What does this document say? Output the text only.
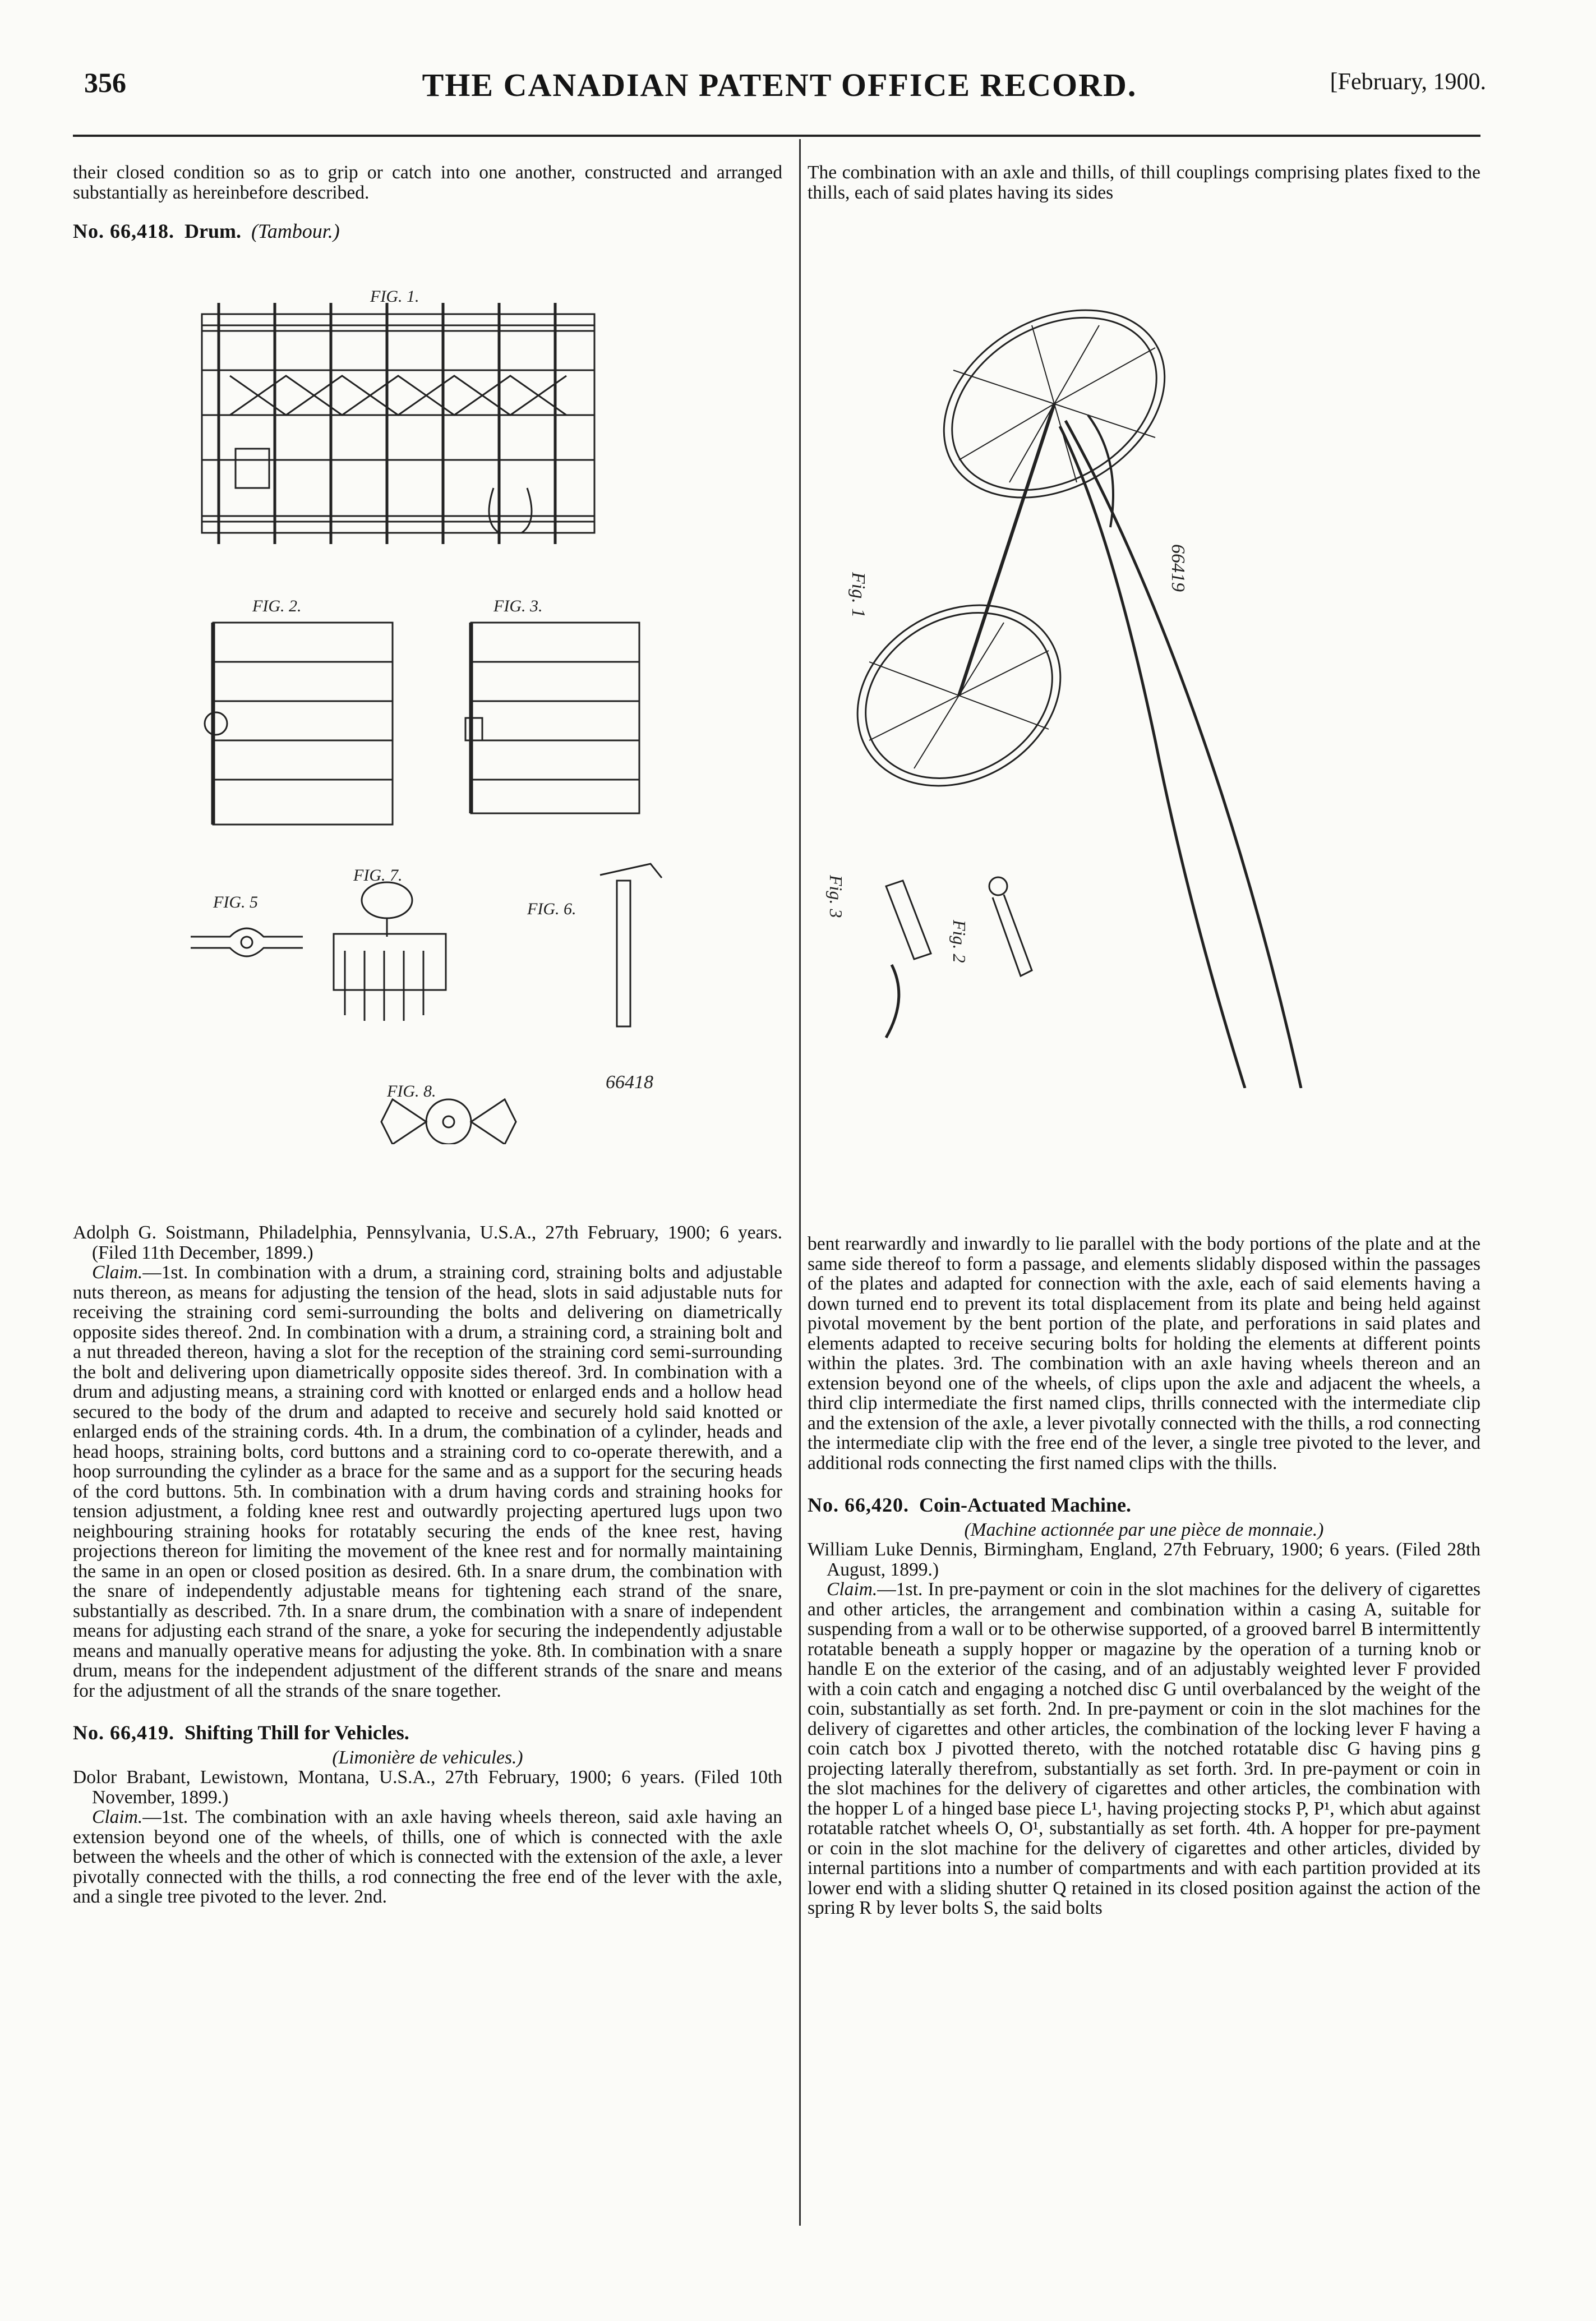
356	THE CANADIAN PATENT OFFICE RECORD.	[February, 1900.

their closed condition so as to grip or catch into one another, constructed and arranged substantially as hereinbefore described.

No. 66,418. Drum. (Tambour.)
FIG. 1.
FIG. 2.	FIG. 3.
FIG. 5
FIG. 7.
FIG. 6.
66418
FIG. 8.

Adolph G. Soistmann, Philadelphia, Pennsylvania, U.S.A., 27th February, 1900; 6 years. (Filed 11th December, 1899.)

Claim.—1st. In combination with a drum, a straining cord, straining bolts and adjustable nuts thereon, as means for adjusting the tension of the head, slots in said adjustable nuts for receiving the straining cord semi-surrounding the bolts and delivering on diametrically opposite sides thereof. 2nd. In combination with a drum, a straining cord, a straining bolt and a nut threaded thereon, having a slot for the reception of the straining cord semi-surrounding the bolt and delivering upon diametrically opposite sides thereof. 3rd. In combination with a drum and adjusting means, a straining cord with knotted or enlarged ends and a hollow head secured to the body of the drum and adapted to receive and securely hold said knotted or enlarged ends of the straining cords. 4th. In a drum, the combination of a cylinder, heads and head hoops, straining bolts, cord buttons and a straining cord to co-operate therewith, and a hoop surrounding the cylinder as a brace for the same and as a support for the securing heads of the cord buttons. 5th. In combination with a drum having cords and straining hooks for tension adjustment, a folding knee rest and outwardly projecting apertured lugs upon two neighbouring straining hooks for rotatably securing the ends of the knee rest, having projections thereon for limiting the movement of the knee rest and for normally maintaining the same in an open or closed position as desired. 6th. In a snare drum, the combination with the snare of independently adjustable means for tightening each strand of the snare, substantially as described. 7th. In a snare drum, the combination with a snare of independent means for adjusting each strand of the snare, a yoke for securing the independently adjustable means and manually operative means for adjusting the yoke. 8th. In combination with a snare drum, means for the independent adjustment of the different strands of the snare and means for the adjustment of all the strands of the snare together.

No. 66,419. Shifting Thill for Vehicles.

(Limonière de vehicules.)

Dolor Brabant, Lewistown, Montana, U.S.A., 27th February, 1900; 6 years. (Filed 10th November, 1899.)

Claim.—1st. The combination with an axle having wheels thereon, said axle having an extension beyond one of the wheels, of thills, one of which is connected with the axle between the wheels and the other of which is connected with the extension of the axle, a lever pivotally connected with the thills, a rod connecting the free end of the lever with the axle, and a single tree pivoted to the lever. 2nd.

The combination with an axle and thills, of thill couplings comprising plates fixed to the thills, each of said plates having its sides

Fig. 1
66419
Fig. 3
Fig. 2

bent rearwardly and inwardly to lie parallel with the body portions of the plate and at the same side thereof to form a passage, and elements slidably disposed within the passages of the plates and adapted for connection with the axle, each of said elements having a down turned end to prevent its total displacement from its plate and being held against pivotal movement by the bent portion of the plate, and perforations in said plates and elements adapted to receive securing bolts for holding the elements at different points within the plates. 3rd. The combination with an axle having wheels thereon and an extension beyond one of the wheels, of clips upon the axle and adjacent the wheels, a third clip intermediate the first named clips, thrills connected with the intermediate clip and the extension of the axle, a lever pivotally connected with the thills, a rod connecting the intermediate clip with the free end of the lever, a single tree pivoted to the lever, and additional rods connecting the first named clips with the thills.

No. 66,420. Coin-Actuated Machine.

(Machine actionnée par une pièce de monnaie.)

William Luke Dennis, Birmingham, England, 27th February, 1900; 6 years. (Filed 28th August, 1899.)

Claim.—1st. In pre-payment or coin in the slot machines for the delivery of cigarettes and other articles, the arrangement and combination within a casing A, suitable for suspending from a wall or to be otherwise supported, of a grooved barrel B intermittently rotatable beneath a supply hopper or magazine by the operation of a turning knob or handle E on the exterior of the casing, and of an adjustably weighted lever F provided with a coin catch and engaging a notched disc G until overbalanced by the weight of the coin, substantially as set forth. 2nd. In pre-payment or coin in the slot machines for the delivery of cigarettes and other articles, the combination of the locking lever F having a coin catch box J pivotted thereto, with the notched rotatable disc G having pins g projecting laterally therefrom, substantially as set forth. 3rd. In pre-payment or coin in the slot machines for the delivery of cigarettes and other articles, the combination with the hopper L of a hinged base piece L¹, having projecting stocks P, P¹, which abut against rotatable ratchet wheels O, O¹, substantially as set forth. 4th. A hopper for pre-payment or coin in the slot machine for the delivery of cigarettes and other articles, divided by internal partitions into a number of compartments and with each partition provided at its lower end with a sliding shutter Q retained in its closed position against the action of the spring R by lever bolts S, the said bolts
